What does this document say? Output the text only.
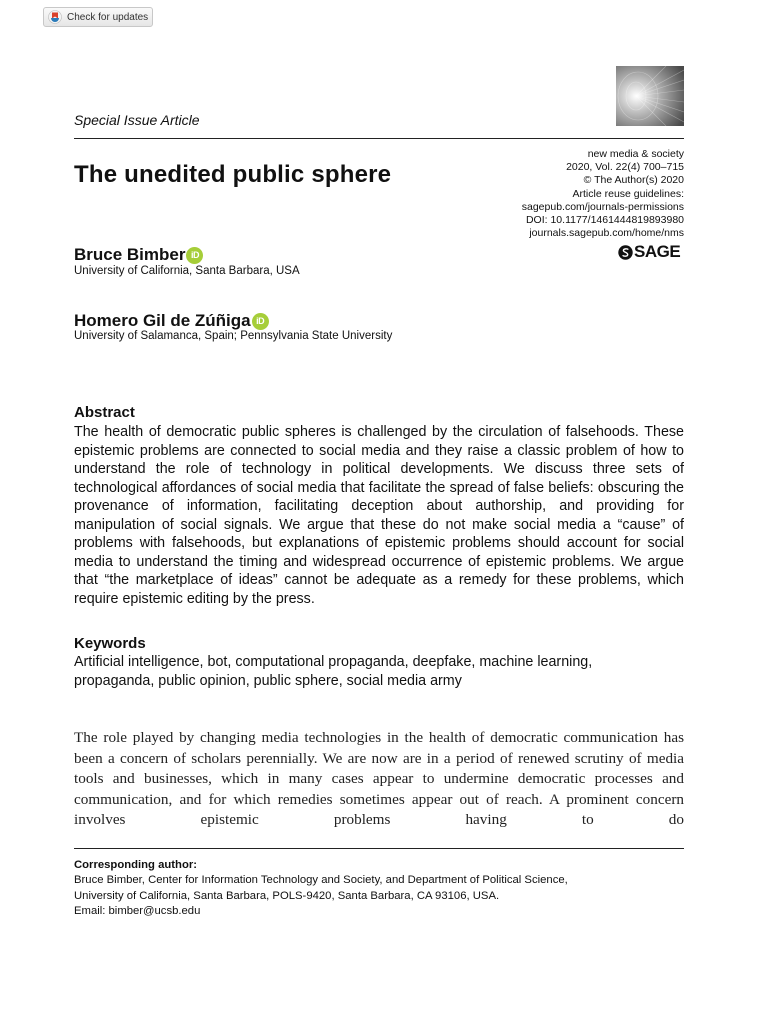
Check for updates
Special Issue Article
The unedited public sphere
new media & society
2020, Vol. 22(4) 700–715
© The Author(s) 2020
Article reuse guidelines:
sagepub.com/journals-permissions
DOI: 10.1177/1461444819893980
journals.sagepub.com/home/nms
SAGE
Bruce Bimber iD
University of California, Santa Barbara, USA
Homero Gil de Zúñiga iD
University of Salamanca, Spain; Pennsylvania State University
Abstract
The health of democratic public spheres is challenged by the circulation of falsehoods. These epistemic problems are connected to social media and they raise a classic problem of how to understand the role of technology in political developments. We discuss three sets of technological affordances of social media that facilitate the spread of false beliefs: obscuring the provenance of information, facilitating deception about authorship, and providing for manipulation of social signals. We argue that these do not make social media a “cause” of problems with falsehoods, but explanations of epistemic problems should account for social media to understand the timing and widespread occurrence of epistemic problems. We argue that “the marketplace of ideas” cannot be adequate as a remedy for these problems, which require epistemic editing by the press.
Keywords
Artificial intelligence, bot, computational propaganda, deepfake, machine learning,
propaganda, public opinion, public sphere, social media army
The role played by changing media technologies in the health of democratic communication has been a concern of scholars perennially. We are now are in a period of renewed scrutiny of media tools and businesses, which in many cases appear to undermine democratic processes and communication, and for which remedies sometimes appear out of reach. A prominent concern involves epistemic problems having to do
Corresponding author:
Bruce Bimber, Center for Information Technology and Society, and Department of Political Science,
University of California, Santa Barbara, POLS-9420, Santa Barbara, CA 93106, USA.
Email: bimber@ucsb.edu
